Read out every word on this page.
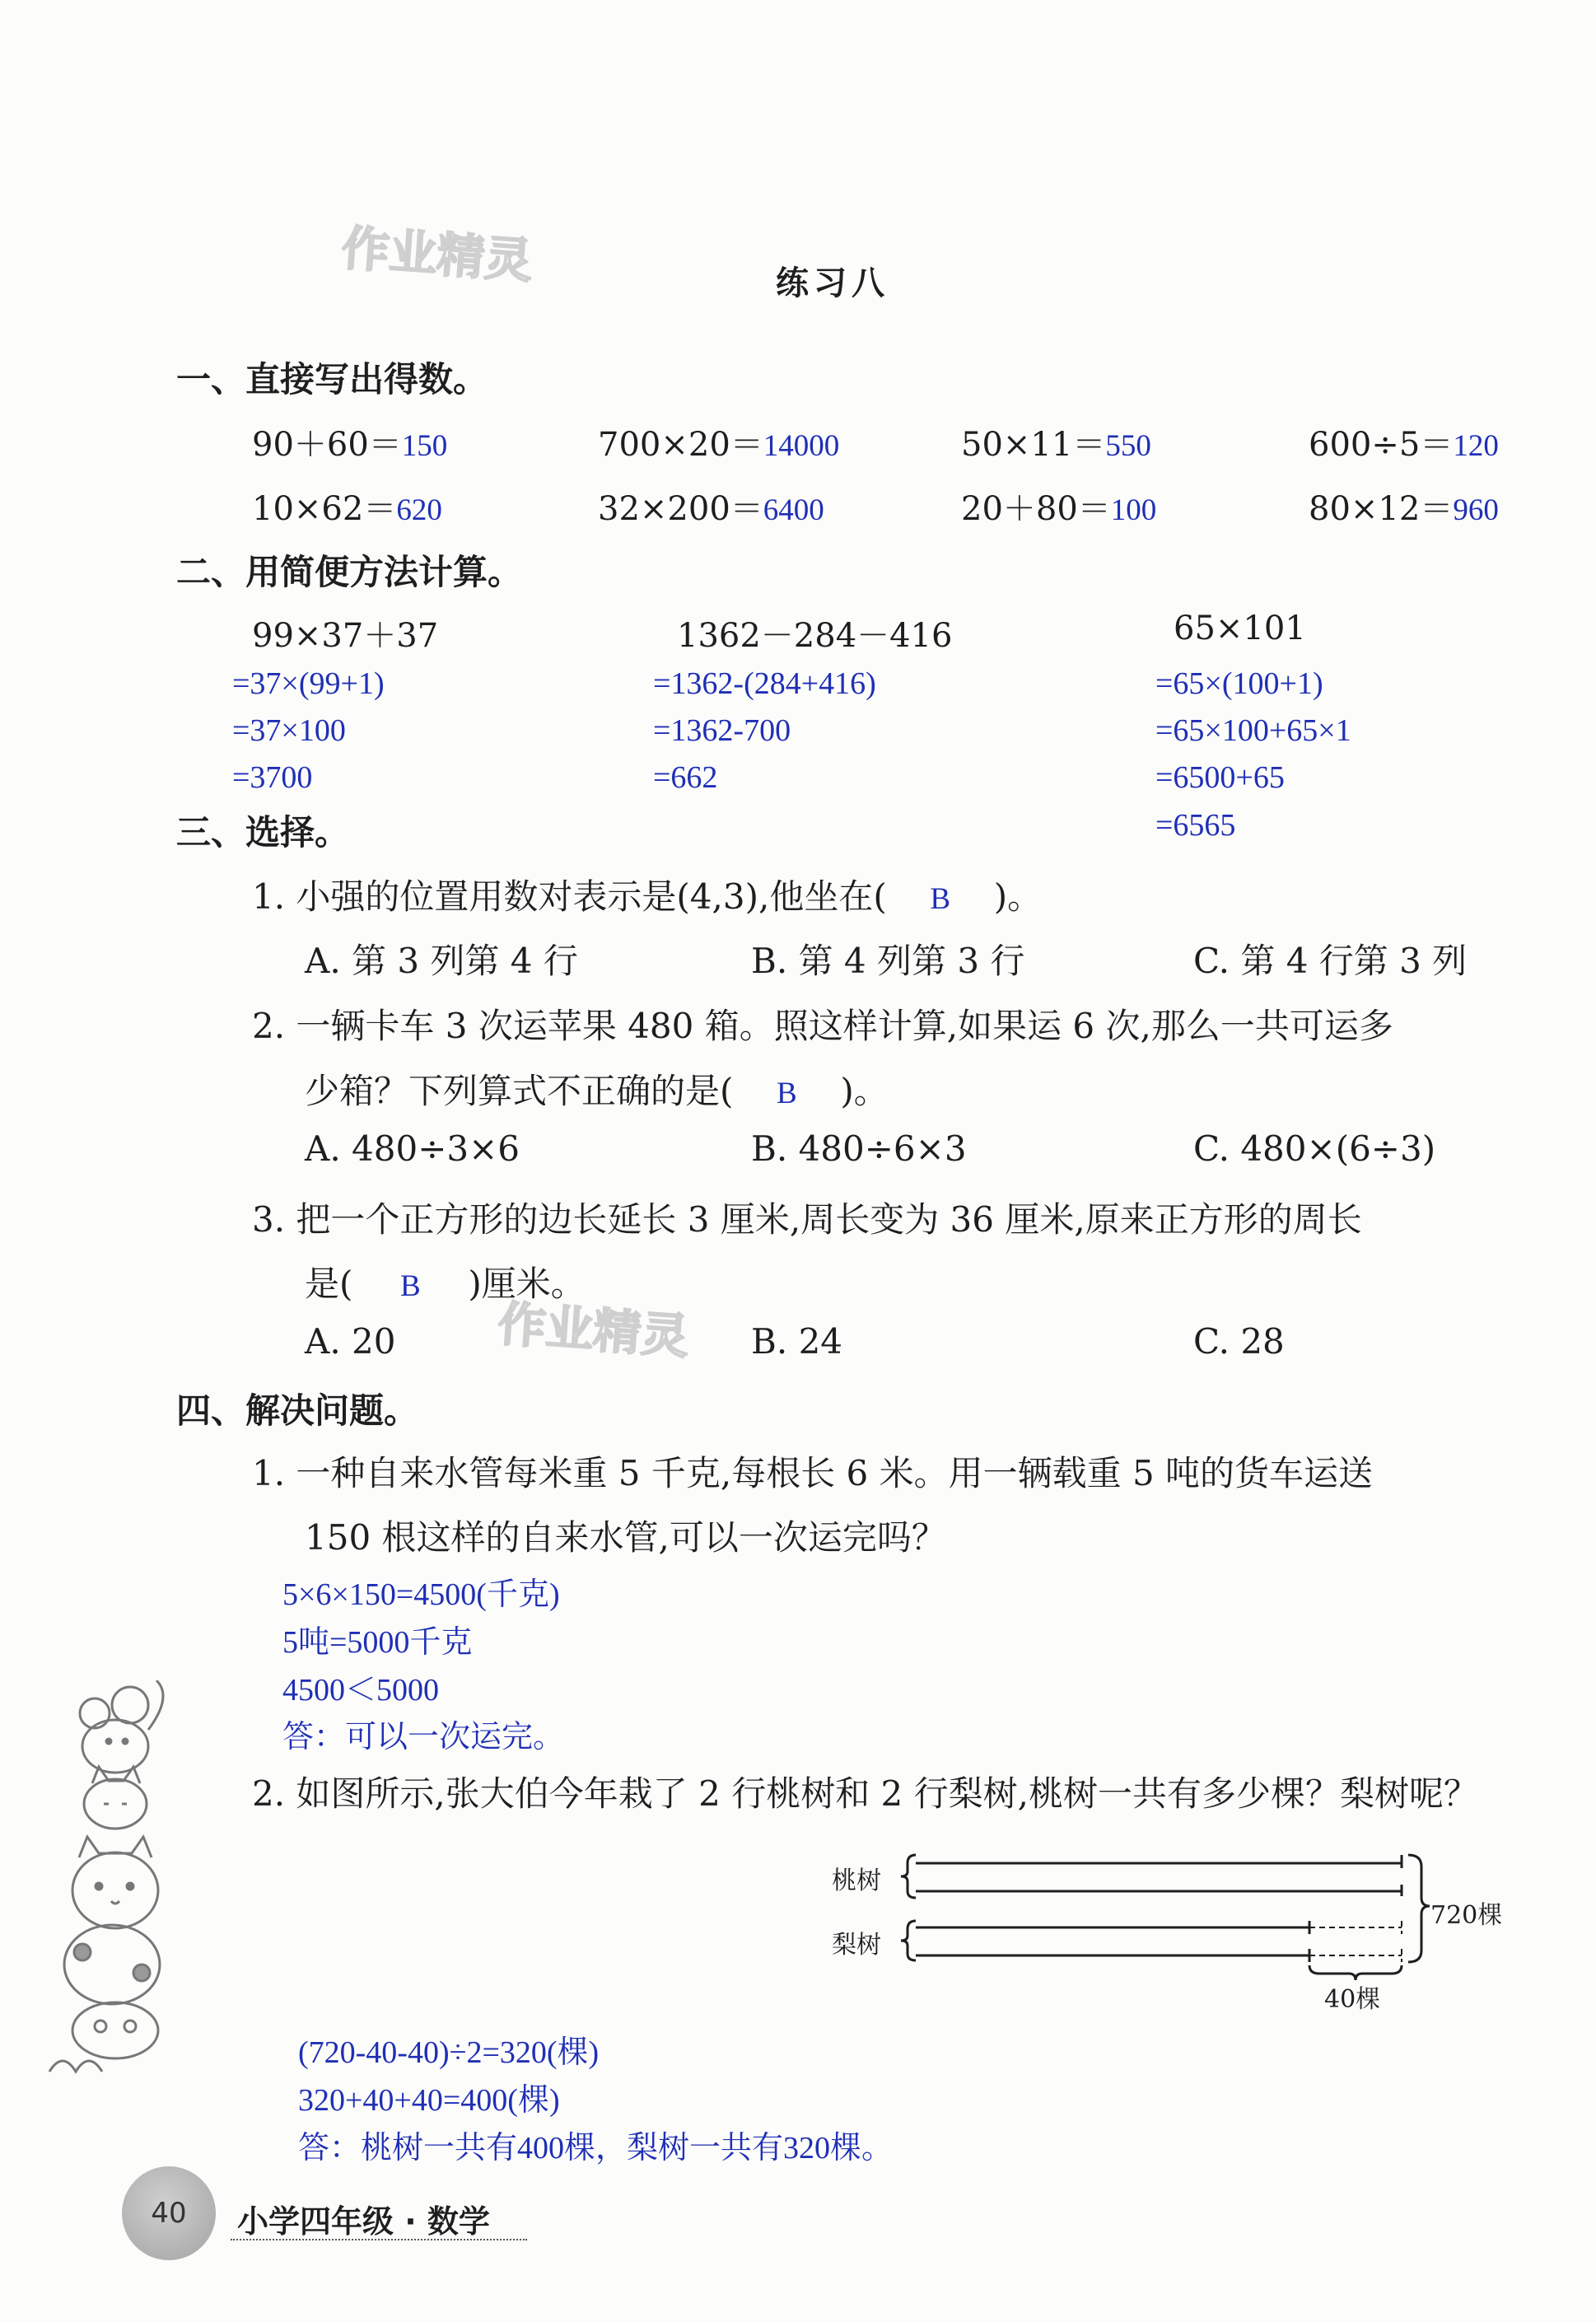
作业精灵
作业精灵
练习八
一、直接写出得数。
90＋60＝150	700×20＝14000	50×11＝550	600÷5＝120
10×62＝620	32×200＝6400	20＋80＝100	80×12＝960
二、用简便方法计算。
99×37＋37
=37×(99+1)
=37×100
=3700
1362－284－416
=1362-(284+416)
=1362-700
=662
65×101
=65×(100+1)
=65×100+65×1
=6500+65
=6565
三、选择。
1. 小强的位置用数对表示是(4,3),他坐在( B )。
A. 第 3 列第 4 行	B. 第 4 列第 3 行	C. 第 4 行第 3 列
2. 一辆卡车 3 次运苹果 480 箱。照这样计算,如果运 6 次,那么一共可运多
少箱？下列算式不正确的是( B )。
A. 480÷3×6	B. 480÷6×3	C. 480×(6÷3)
3. 把一个正方形的边长延长 3 厘米,周长变为 36 厘米,原来正方形的周长
是( B )厘米。
A. 20	B. 24	C. 28
四、解决问题。
1. 一种自来水管每米重 5 千克,每根长 6 米。用一辆载重 5 吨的货车运送
150 根这样的自来水管,可以一次运完吗？
5×6×150=4500(千克)
5吨=5000千克
4500＜5000
答：可以一次运完。
2. 如图所示,张大伯今年栽了 2 行桃树和 2 行梨树,桃树一共有多少棵？梨树呢？
桃树
梨树
720棵
40棵
(720-40-40)÷2=320(棵)
320+40+40=400(棵)
答：桃树一共有400棵，梨树一共有320棵。
40	小学四年级 · 数学
